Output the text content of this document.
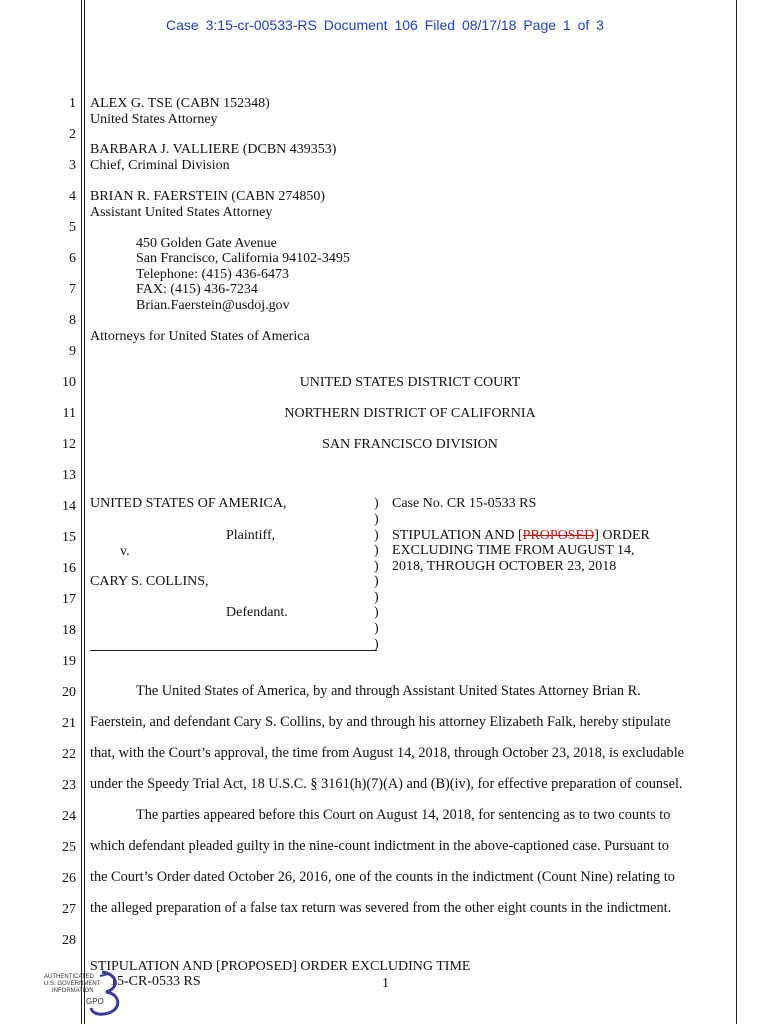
Case 3:15-cr-00533-RS Document 106 Filed 08/17/18 Page 1 of 3
1
2
3
4
5
6
7
8
9
10
11
12
13
14
15
16
17
18
19
20
21
22
23
24
25
26
27
28
ALEX G. TSE (CABN 152348)
United States Attorney
BARBARA J. VALLIERE (DCBN 439353)
Chief, Criminal Division
BRIAN R. FAERSTEIN (CABN 274850)
Assistant United States Attorney
450 Golden Gate Avenue
San Francisco, California 94102-3495
Telephone: (415) 436-6473
FAX: (415) 436-7234
Brian.Faerstein@usdoj.gov
Attorneys for United States of America
UNITED STATES DISTRICT COURT
NORTHERN DISTRICT OF CALIFORNIA
SAN FRANCISCO DIVISION
UNITED STATES OF AMERICA,
Plaintiff,
v.
CARY S. COLLINS,
Defendant.
)
)
)
)
)
)
)
)
)
)
Case No. CR 15-0533 RS
STIPULATION AND [PROPOSED] ORDER
EXCLUDING TIME FROM AUGUST 14,
2018, THROUGH OCTOBER 23, 2018
The United States of America, by and through Assistant United States Attorney Brian R.
Faerstein, and defendant Cary S. Collins, by and through his attorney Elizabeth Falk, hereby stipulate
that, with the Court’s approval, the time from August 14, 2018, through October 23, 2018, is excludable
under the Speedy Trial Act, 18 U.S.C. § 3161(h)(7)(A) and (B)(iv), for effective preparation of counsel.
The parties appeared before this Court on August 14, 2018, for sentencing as to two counts to
which defendant pleaded guilty in the nine-count indictment in the above-captioned case. Pursuant to
the Court’s Order dated October 26, 2016, one of the counts in the indictment (Count Nine) relating to
the alleged preparation of a false tax return was severed from the other eight counts in the indictment.
STIPULATION AND [PROPOSED] ORDER EXCLUDING TIME
15-CR-0533 RS	1
AUTHENTICATED
U.S. GOVERNMENT
INFORMATION
GPO
